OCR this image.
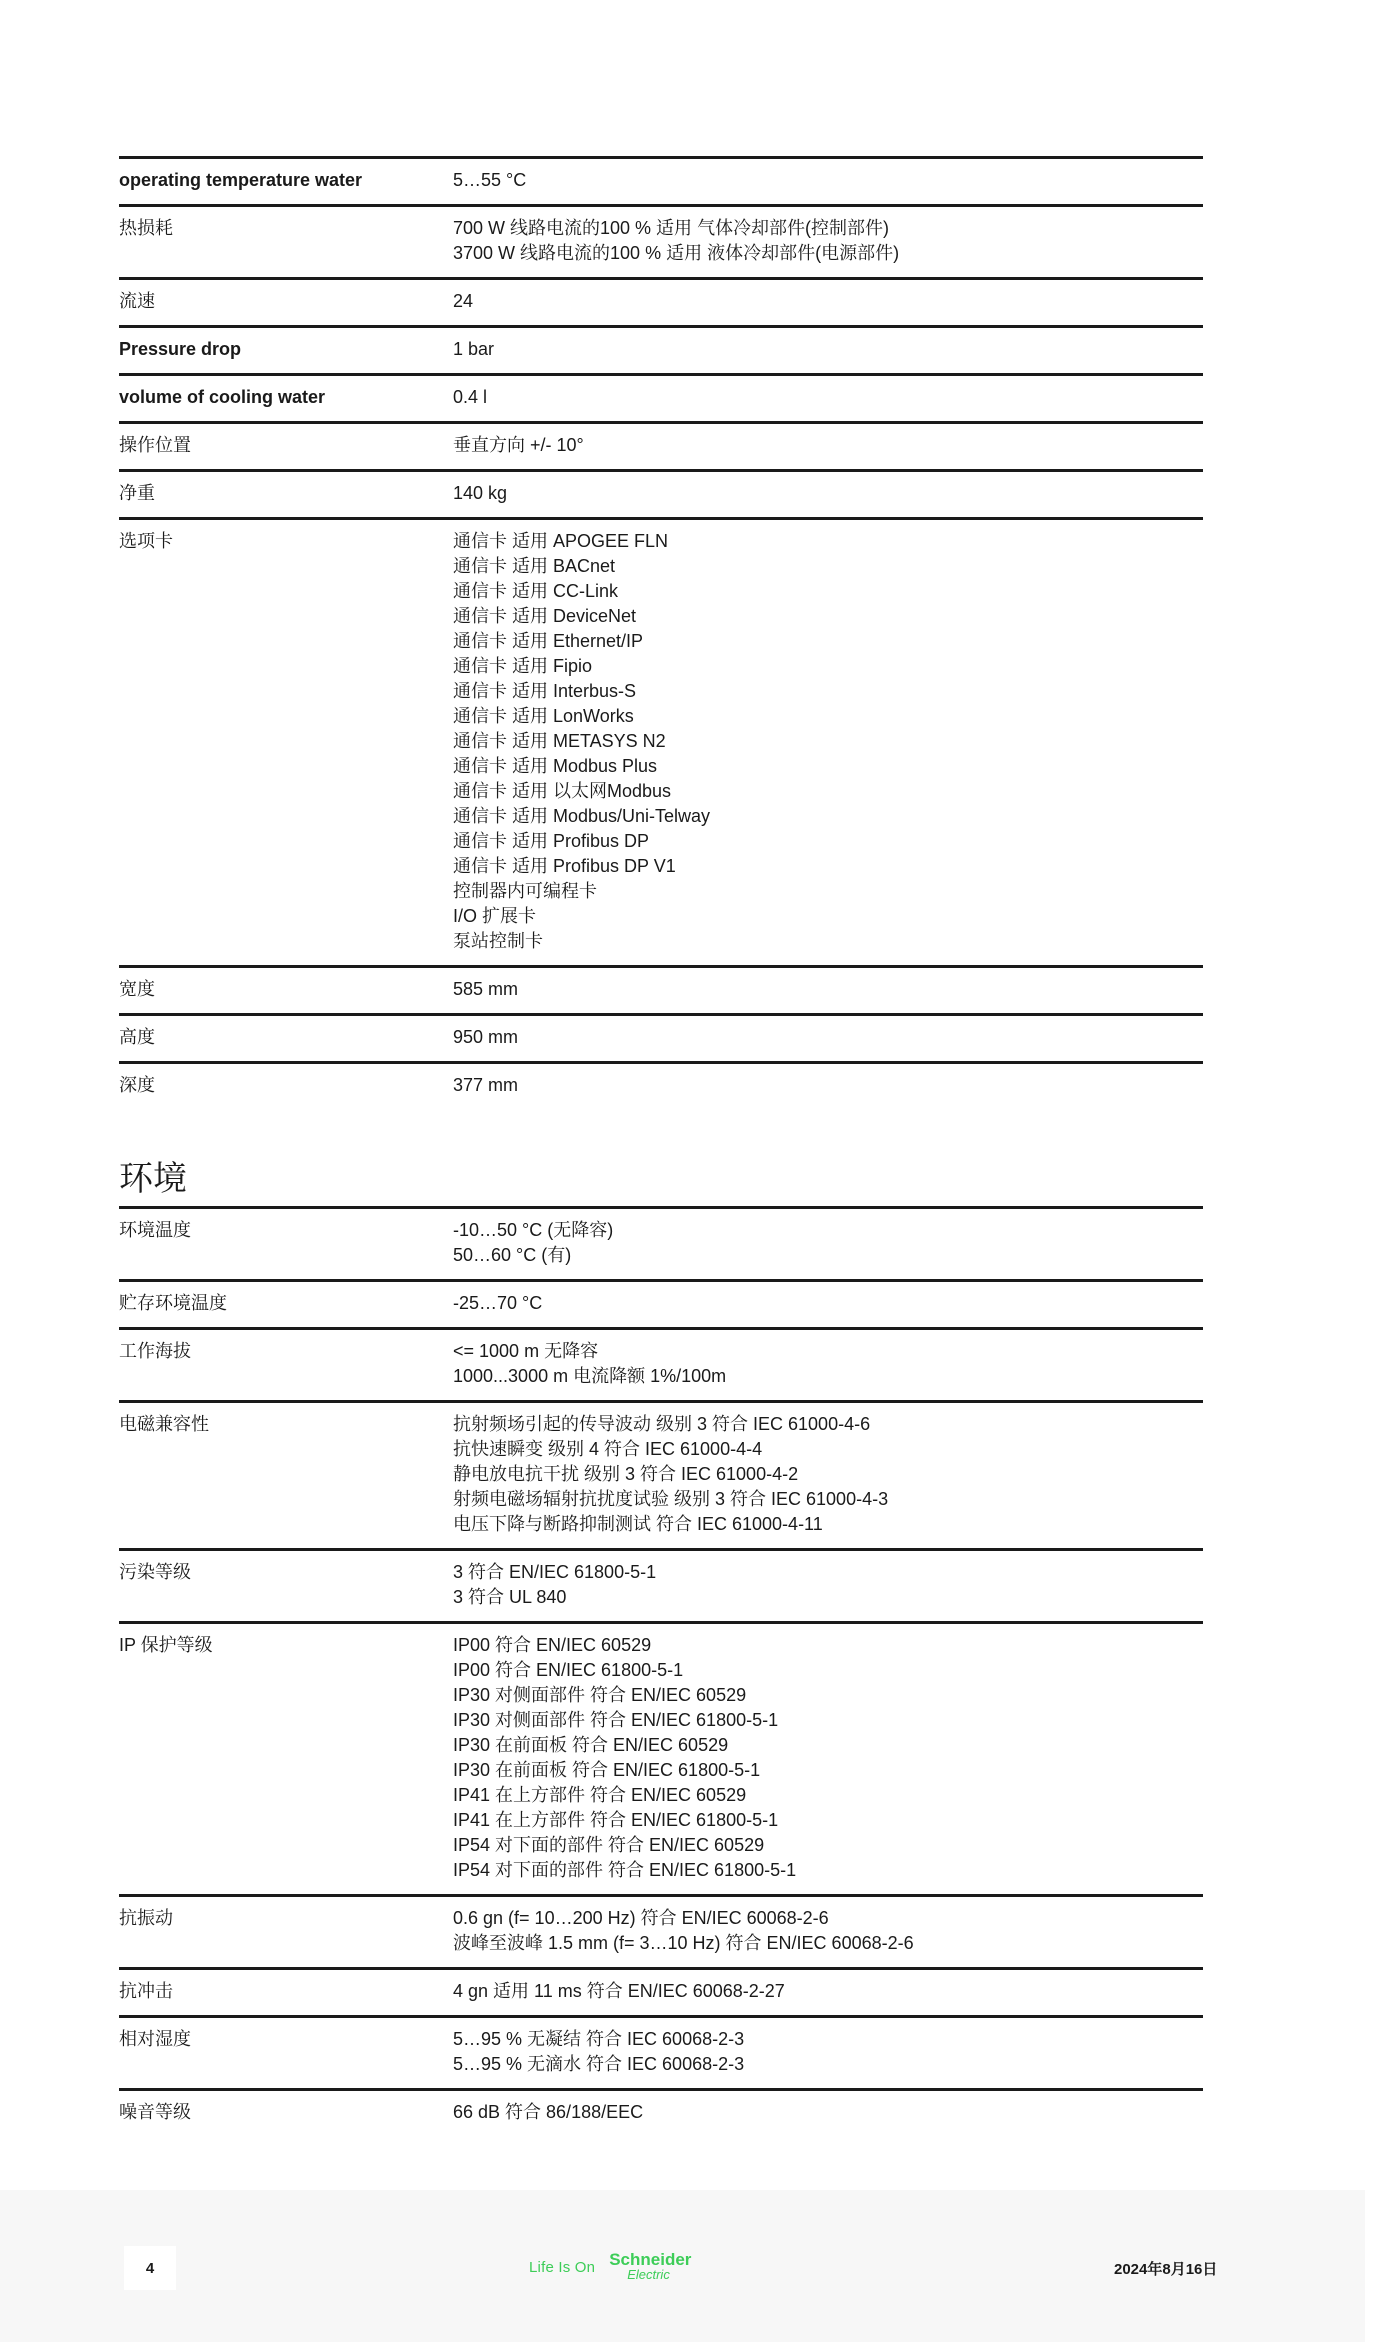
operating temperature water	5…55 °C
热损耗	700 W 线路电流的100 % 适用 气体冷却部件(控制部件)
3700 W 线路电流的100 % 适用 液体冷却部件(电源部件)
流速	24
Pressure drop	1 bar
volume of cooling water	0.4 l
操作位置	垂直方向 +/- 10°
净重	140 kg
选项卡	通信卡 适用 APOGEE FLN
通信卡 适用 BACnet
通信卡 适用 CC-Link
通信卡 适用 DeviceNet
通信卡 适用 Ethernet/IP
通信卡 适用 Fipio
通信卡 适用 Interbus-S
通信卡 适用 LonWorks
通信卡 适用 METASYS N2
通信卡 适用 Modbus Plus
通信卡 适用 以太网Modbus
通信卡 适用 Modbus/Uni-Telway
通信卡 适用 Profibus DP
通信卡 适用 Profibus DP V1
控制器内可编程卡
I/O 扩展卡
泵站控制卡
宽度	585 mm
高度	950 mm
深度	377 mm
环境
环境温度	-10…50 °C (无降容)
50…60 °C (有)
贮存环境温度	-25…70 °C
工作海拔	<= 1000 m 无降容
1000...3000 m 电流降额 1%/100m
电磁兼容性	抗射频场引起的传导波动 级别 3 符合 IEC 61000-4-6
抗快速瞬变 级别 4 符合 IEC 61000-4-4
静电放电抗干扰 级别 3 符合 IEC 61000-4-2
射频电磁场辐射抗扰度试验 级别 3 符合 IEC 61000-4-3
电压下降与断路抑制测试 符合 IEC 61000-4-11
污染等级	3 符合 EN/IEC 61800-5-1
3 符合 UL 840
IP 保护等级	IP00 符合 EN/IEC 60529
IP00 符合 EN/IEC 61800-5-1
IP30 对侧面部件 符合 EN/IEC 60529
IP30 对侧面部件 符合 EN/IEC 61800-5-1
IP30 在前面板 符合 EN/IEC 60529
IP30 在前面板 符合 EN/IEC 61800-5-1
IP41 在上方部件 符合 EN/IEC 60529
IP41 在上方部件 符合 EN/IEC 61800-5-1
IP54 对下面的部件 符合 EN/IEC 60529
IP54 对下面的部件 符合 EN/IEC 61800-5-1
抗振动	0.6 gn (f= 10…200 Hz) 符合 EN/IEC 60068-2-6
波峰至波峰 1.5 mm (f= 3…10 Hz) 符合 EN/IEC 60068-2-6
抗冲击	4 gn 适用 11 ms 符合 EN/IEC 60068-2-27
相对湿度	5…95 % 无凝结 符合 IEC 60068-2-3
5…95 % 无滴水 符合 IEC 60068-2-3
噪音等级	66 dB 符合 86/188/EEC
4	Life Is On Schneider
Electric	2024年8月16日
